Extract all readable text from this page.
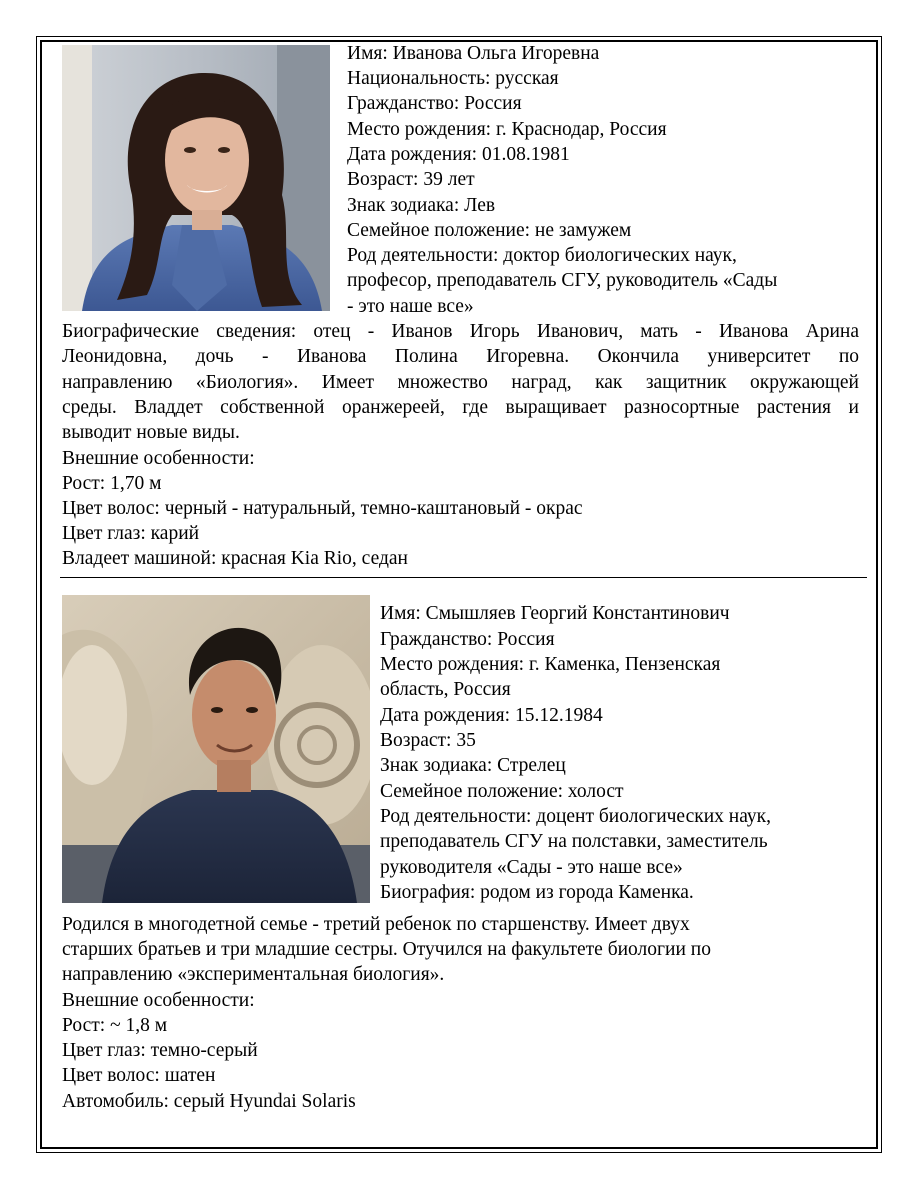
Имя: Иванова Ольга Игоревна
Национальность: русская
Гражданство: Россия
Место рождения: г. Краснодар, Россия
Дата рождения: 01.08.1981
Возраст: 39 лет
Знак зодиака: Лев
Семейное положение: не замужем
Род деятельности: доктор биологических наук,
професор, преподаватель СГУ, руководитель «Сады
- это наше все»
Биографические сведения: отец - Иванов Игорь Иванович, мать - Иванова Арина
Леонидовна, дочь - Иванова Полина Игоревна. Окончила университет по
направлению «Биология». Имеет множество наград, как защитник окружающей
среды. Владдет собственной оранжереей, где выращивает разносортные растения и
выводит новые виды.
Внешние особенности:
Рост: 1,70 м
Цвет волос: черный - натуральный, темно-каштановый - окрас
Цвет глаз: карий
Владеет машиной: красная Kia Rio, седан
Имя: Смышляев Георгий Константинович
Гражданство: Россия
Место рождения: г. Каменка, Пензенская
область, Россия
Дата рождения: 15.12.1984
Возраст: 35
Знак зодиака: Стрелец
Семейное положение: холост
Род деятельности: доцент биологических наук,
преподаватель СГУ на полставки, заместитель
руководителя «Сады - это наше все»
Биография: родом из города Каменка.
Родился в многодетной семье - третий ребенок по старшенству. Имеет двух
старших братьев и три младшие сестры. Отучился на факультете биологии по
направлению «экспериментальная биология».
Внешние особенности:
Рост: ~ 1,8 м
Цвет глаз: темно-серый
Цвет волос: шатен
Автомобиль: серый Hyundai Solaris
